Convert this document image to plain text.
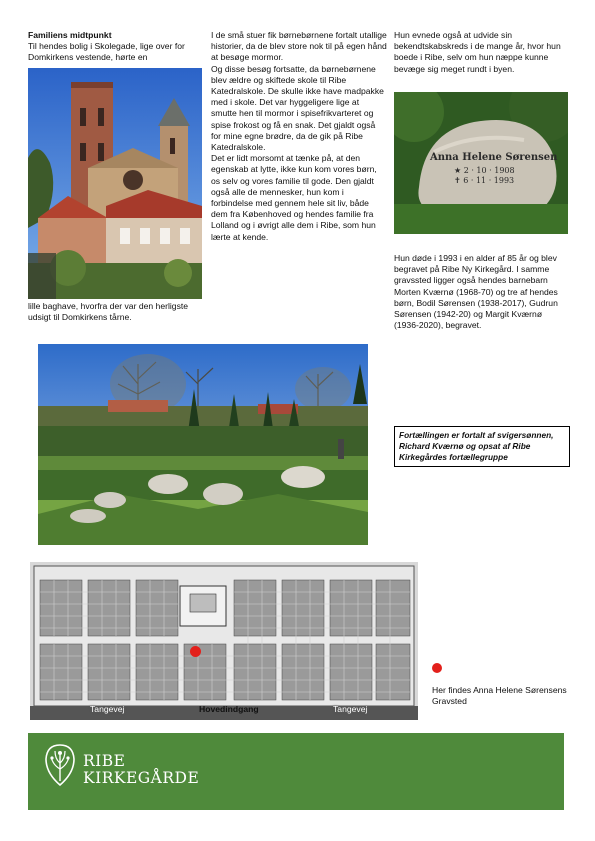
Familiens midtpunkt

Til hendes bolig i Skolegade, lige over for Domkirkens vestende, hørte en

lille baghave, hvorfra der var den herligste udsigt til Domkirkens tårne.

I de små stuer fik børnebørnene fortalt utallige historier, da de blev store nok til på egen hånd at besøge mormor.

Og disse besøg fortsatte, da børnebørnene blev ældre og skiftede skole til Ribe Katedralskole. De skulle ikke have madpakke med i skole. Det var hyggeligere lige at smutte hen til mormor i spisefrikvarteret og spise frokost og få en snak. Det gjaldt også for mine egne brødre, da de gik på Ribe Katedralskole.

Det er lidt morsomt at tænke på, at den egenskab at lytte, ikke kun kom vores børn, os selv og vores familie til gode. Den gjaldt også alle de mennesker, hun kom i forbindelse med gennem hele sit liv, både dem fra Københoved og hendes familie fra Lolland og i øvrigt alle dem i Ribe, som hun lærte at kende.

Hun evnede også at udvide sin bekendtskabskreds i de mange år, hvor hun boede i Ribe, selv om hun næppe kunne bevæge sig meget rundt i byen.

Anna Helene Sørensen
★ 2 · 10 · 1908
✝ 6 · 11 · 1993

Hun døde i 1993 i en alder af 85 år og blev begravet på Ribe Ny Kirkegård. I samme gravssted ligger også hendes barnebarn Morten Kværnø (1968-70) og tre af hendes børn, Bodil Sørensen (1938-2017), Gudrun Sørensen (1942-20) og Margit Kværnø (1936-2020), begravet.

Fortællingen er fortalt af svigersønnen, Richard Kværnø og opsat af Ribe Kirkegårdes fortællegruppe
Tangevej	Hovedindgang	Tangevej
Her findes Anna Helene Sørensens Gravsted
RIBE
KIRKEGÅRDE
